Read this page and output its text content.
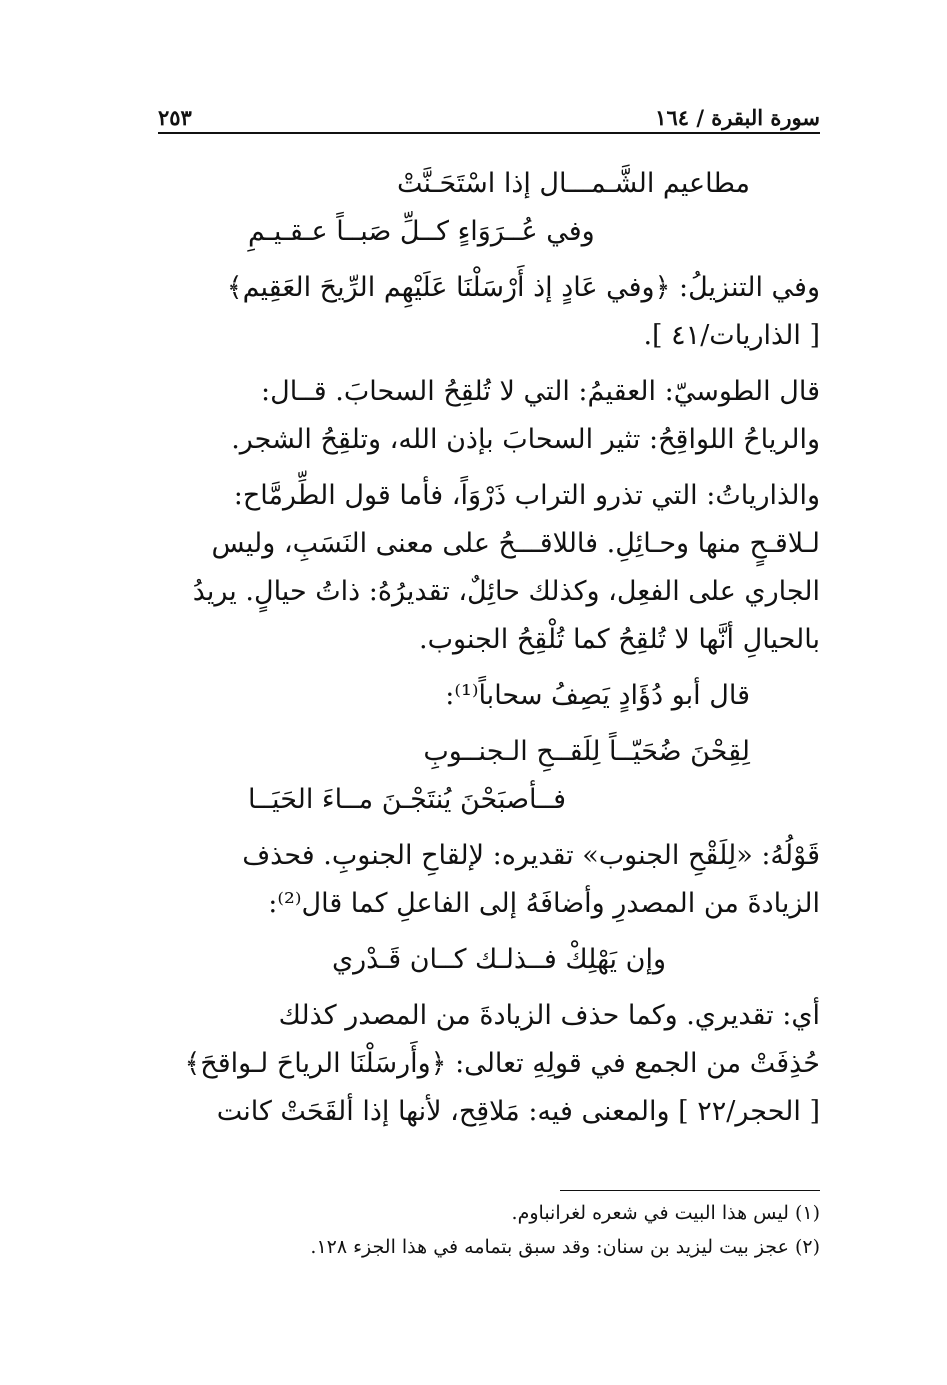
سورة البقرة / ١٦٤
٢٥٣

مطاعيم الشَّـمـــال إذا اسْتَحَـنَّتْ

وفي عُــرَوَاءٍ كــلِّ صَبــاً عـقـيـمِ

وفي التنزيلُ: ﴿وفي عَادٍ إذ أَرْسَلْنَا عَلَيْهِم الرِّيحَ العَقِيم﴾

[ الذاريات/٤١ ].

قال الطوسيّ: العقيمُ: التي لا تُلقِحُ السحابَ. قــال:

والرياحُ اللواقِحُ: تثير السحابَ بإذن الله، وتلقِحُ الشجر.

والذارياتُ: التي تذرو التراب ذَرْوَاً، فأما قول الطِّرمَّاح:

لـلاقـحٍ منها وحـائِلِ. فاللاقـــحُ على معنى النَسَبِ، وليس

الجاري على الفعِل، وكذلك حائِلٌ، تقديرُهُ: ذاتُ حيالٍ. يريدُ

بالحيالِ أنَّها لا تُلقِحُ كما تُلْقِحُ الجنوب.

قال أبو دُؤَادٍ يَصِفُ سحاباً⁽¹⁾:

لِقِحْنَ ضُحَيّــاً لِلَقــحِ الـجنــوبِ

فــأصبَحْنَ يُنتَجْـنَ مــاءَ الحَيَــا

قَوْلُهُ: «لِلَقْحِ الجنوب» تقديره: لإلقاحِ الجنوبِ. فحذف

الزيادةَ من المصدرِ وأضافَهُ إلى الفاعلِ كما قال⁽²⁾:

وإن يَهْلِكْ فــذلـك كــان قَـدْري

أي: تقديري. وكما حذف الزيادةَ من المصدر كذلك

حُذِفَتْ من الجمع في قولِهِ تعالى: ﴿وأَرسَلْنَا الرياحَ لـواقحَ﴾

[ الحجر/٢٢ ] والمعنى فيه: مَلاقِح، لأنها إذا ألقَحَتْ كانت

(١) ليس هذا البيت في شعره لغرانباوم.

(٢) عجز بيت ليزيد بن سنان: وقد سبق بتمامه في هذا الجزء ١٢٨.
